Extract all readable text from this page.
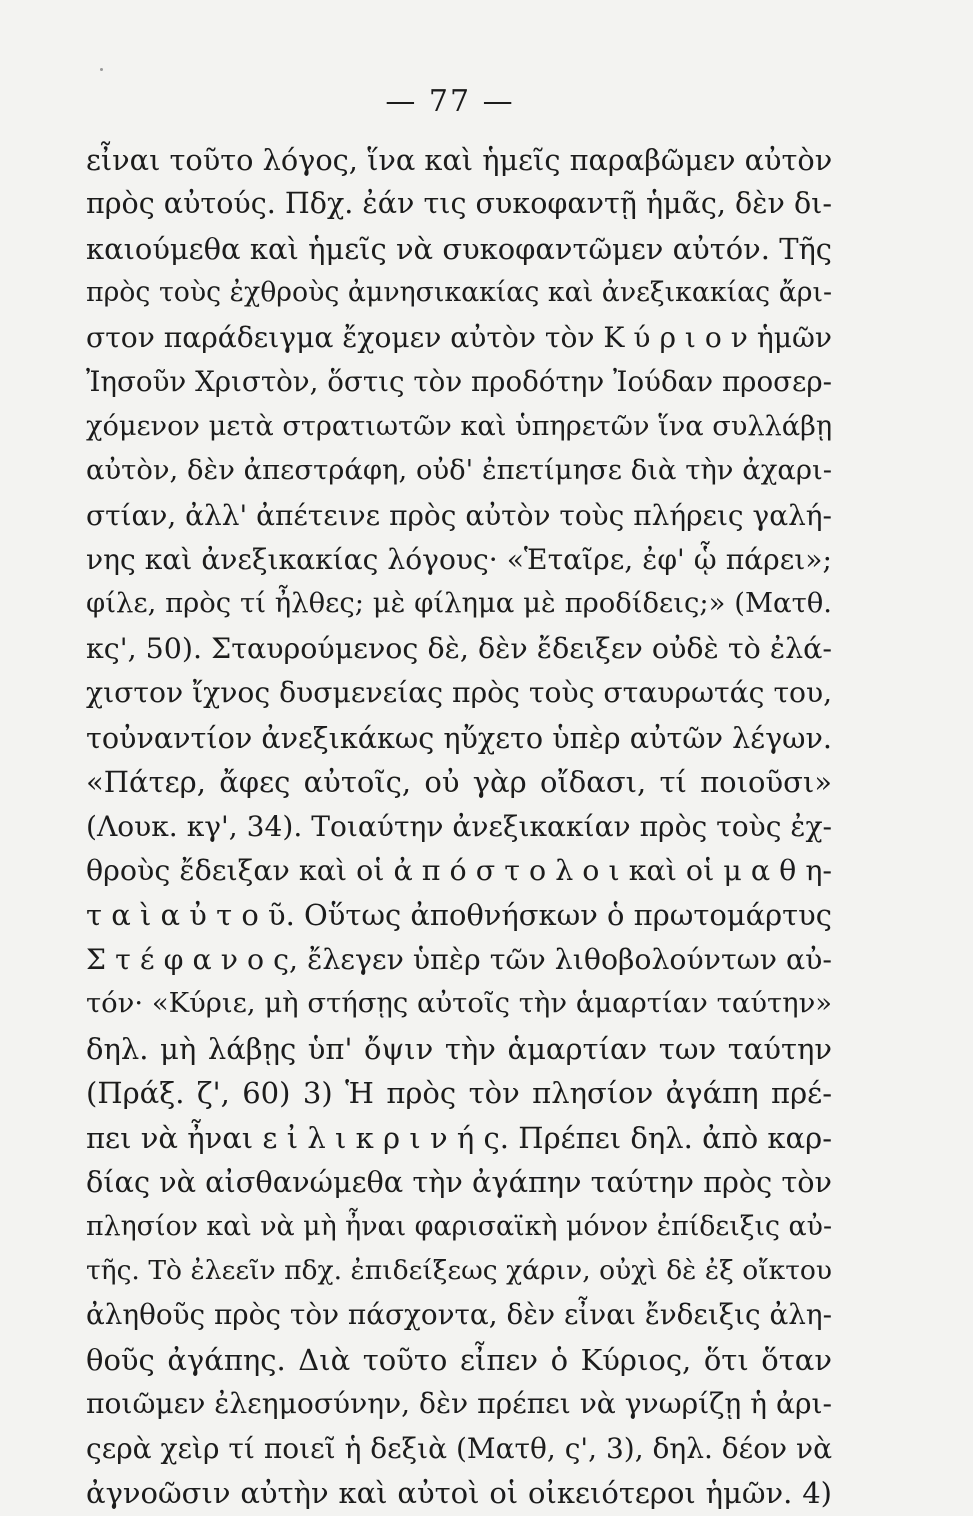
— 77 —
εἶναι τοῦτο λόγος, ἵνα καὶ ἡμεῖς παραβῶμεν αὐτὸν
πρὸς αὐτούς. Πδχ. ἐάν τις συκοφαντῇ ἡμᾶς, δὲν δι-
καιούμεθα καὶ ἡμεῖς νὰ συκοφαντῶμεν αὐτόν. Τῆς
πρὸς τοὺς ἐχθροὺς ἀμνησικακίας καὶ ἀνεξικακίας ἄρι-
στον παράδειγμα ἔχομεν αὐτὸν τὸν Κ ύ ρ ι ο ν ἡμῶν
Ἰησοῦν Χριστὸν, ὅστις τὸν προδότην Ἰούδαν προσερ-
χόμενον μετὰ στρατιωτῶν καὶ ὑπηρετῶν ἵνα συλλάβῃ
αὐτὸν, δὲν ἀπεστράφη, οὐδ' ἐπετίμησε διὰ τὴν ἀχαρι-
στίαν, ἀλλ' ἀπέτεινε πρὸς αὐτὸν τοὺς πλήρεις γαλή-
νης καὶ ἀνεξικακίας λόγους· «Ἑταῖρε, ἐφ' ᾧ πάρει»;
φίλε, πρὸς τί ἦλθες; μὲ φίλημα μὲ προδίδεις;» (Ματθ.
κς', 50). Σταυρούμενος δὲ, δὲν ἔδειξεν οὐδὲ τὸ ἐλά-
χιστον ἴχνος δυσμενείας πρὸς τοὺς σταυρωτάς του,
τοὐναντίον ἀνεξικάκως ηὔχετο ὑπὲρ αὐτῶν λέγων.
«Πάτερ, ἄφες αὐτοῖς, οὐ γὰρ οἴδασι, τί ποιοῦσι»
(Λουκ. κγ', 34). Τοιαύτην ἀνεξικακίαν πρὸς τοὺς ἐχ-
θροὺς ἔδειξαν καὶ οἱ ἀ π ό σ τ ο λ ο ι καὶ οἱ μ α θ η-
τ α ὶ α ὐ τ ο ῦ. Οὕτως ἀποθνήσκων ὁ πρωτομάρτυς
Σ τ έ φ α ν ο ς, ἔλεγεν ὑπὲρ τῶν λιθοβολούντων αὐ-
τόν· «Κύριε, μὴ στήσῃς αὐτοῖς τὴν ἁμαρτίαν ταύτην»
δηλ. μὴ λάβῃς ὑπ' ὄψιν τὴν ἁμαρτίαν των ταύτην
(Πράξ. ζ', 60) 3) Ἡ πρὸς τὸν πλησίον ἀγάπη πρέ-
πει νὰ ἦναι ε ἰ λ ι κ ρ ι ν ή ς. Πρέπει δηλ. ἀπὸ καρ-
δίας νὰ αἰσθανώμεθα τὴν ἀγάπην ταύτην πρὸς τὸν
πλησίον καὶ νὰ μὴ ἦναι φαρισαϊκὴ μόνον ἐπίδειξις αὐ-
τῆς. Τὸ ἐλεεῖν πδχ. ἐπιδείξεως χάριν, οὐχὶ δὲ ἐξ οἴκτου
ἀληθοῦς πρὸς τὸν πάσχοντα, δὲν εἶναι ἔνδειξις ἀλη-
θοῦς ἀγάπης. Διὰ τοῦτο εἶπεν ὁ Κύριος, ὅτι ὅταν
ποιῶμεν ἐλεημοσύνην, δὲν πρέπει νὰ γνωρίζῃ ἡ ἀρι-
ςερὰ χεὶρ τί ποιεῖ ἡ δεξιὰ (Ματθ, ς', 3), δηλ. δέον νὰ
ἀγνοῶσιν αὐτὴν καὶ αὐτοὶ οἱ οἰκειότεροι ἡμῶν. 4)
